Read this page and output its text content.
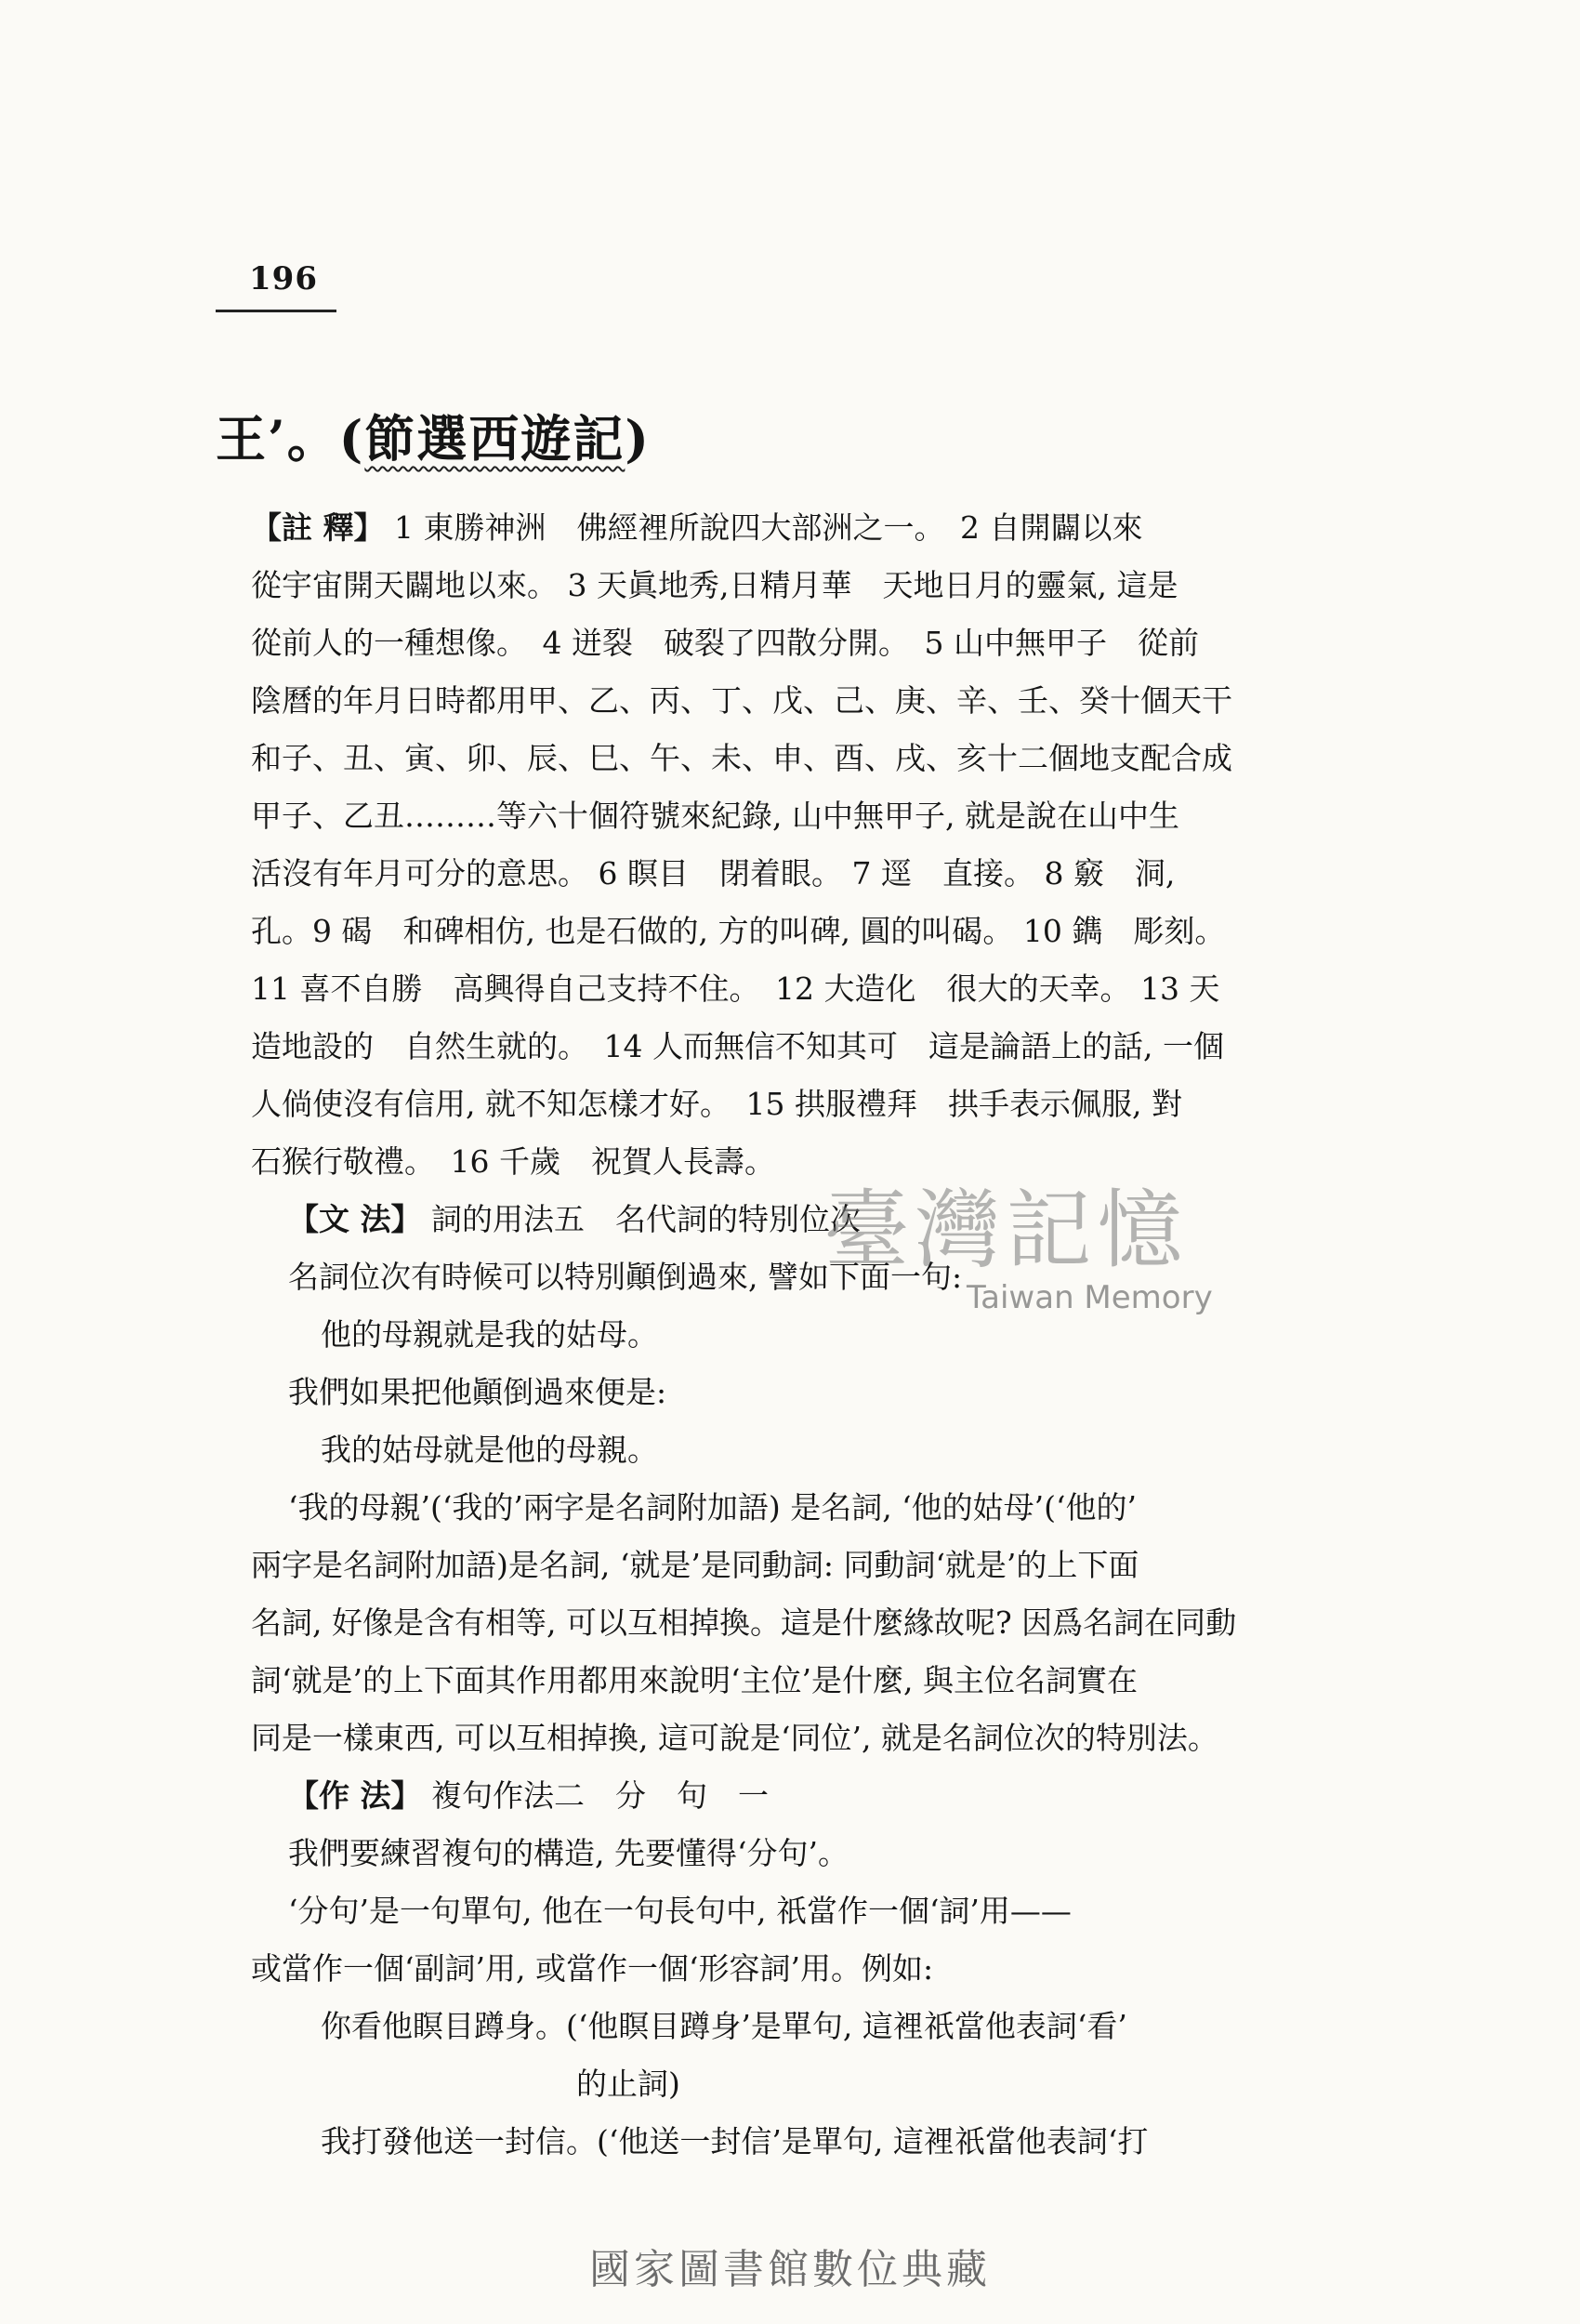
196
王’。(節選西遊記)
【註 釋】 1 東勝神洲　佛經裡所說四大部洲之一。　2 自開闢以來
從宇宙開天闢地以來。 3 天眞地秀,日精月華　天地日月的靈氣, 這是
從前人的一種想像。　4 迸裂　破裂了四散分開。　5 山中無甲子　從前
陰曆的年月日時都用甲、乙、丙、丁、戊、己、庚、辛、壬、癸十個天干
和子、丑、寅、卯、辰、巳、午、未、申、酉、戌、亥十二個地支配合成
甲子、乙丑………等六十個符號來紀錄, 山中無甲子, 就是說在山中生
活沒有年月可分的意思。 6 瞑目　閉着眼。 7 逕　直接。 8 竅　洞,
孔。9 碣　和碑相仿, 也是石做的, 方的叫碑, 圓的叫碣。 10 鐫　彫刻。
11 喜不自勝　高興得自己支持不住。　12 大造化　很大的天幸。 13 天
造地設的　自然生就的。　14 人而無信不知其可　這是論語上的話, 一個
人倘使沒有信用, 就不知怎樣才好。　15 拱服禮拜　拱手表示佩服, 對
石猴行敬禮。　16 千歲　祝賀人長壽。
【文 法】 詞的用法五　名代詞的特別位次
名詞位次有時候可以特別顚倒過來, 譬如下面一句:
他的母親就是我的姑母。
我們如果把他顚倒過來便是:
我的姑母就是他的母親。
‘我的母親’(‘我的’兩字是名詞附加語) 是名詞, ‘他的姑母’(‘他的’
兩字是名詞附加語)是名詞, ‘就是’是同動詞: 同動詞‘就是’的上下面
名詞, 好像是含有相等, 可以互相掉換。這是什麼緣故呢? 因爲名詞在同動
詞‘就是’的上下面其作用都用來說明‘主位’是什麼, 與主位名詞實在
同是一樣東西, 可以互相掉換, 這可說是‘同位’, 就是名詞位次的特別法。
【作 法】 複句作法二　分　句　一
我們要練習複句的構造, 先要懂得‘分句’。
‘分句’是一句單句, 他在一句長句中, 祇當作一個‘詞’用——
或當作一個‘副詞’用, 或當作一個‘形容詞’用。例如:
你看他瞑目蹲身。(‘他瞑目蹲身’是單句, 這裡祇當他表詞‘看’
的止詞)
我打發他送一封信。(‘他送一封信’是單句, 這裡祇當他表詞‘打
臺灣記憶
Taiwan Memory
國家圖書館數位典藏
